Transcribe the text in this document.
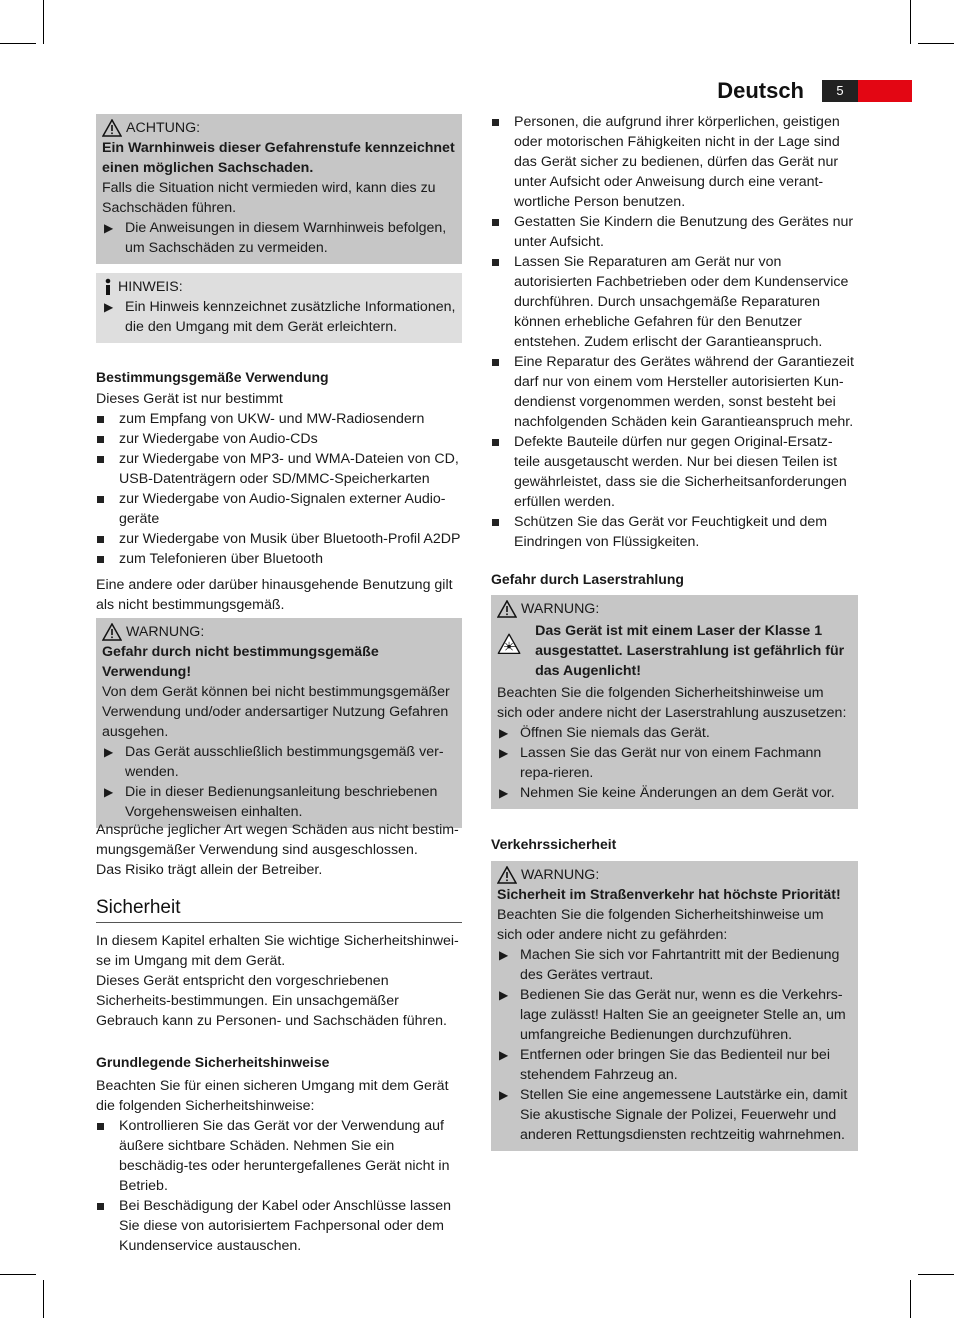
Deutsch	5
ACHTUNG:

Ein Warnhinweis dieser Gefahrenstufe kennzeichnet einen möglichen Sachschaden.

Falls die Situation nicht vermieden wird, kann dies zu Sachschäden führen.

▶ Die Anweisungen in diesem Warnhinweis befolgen, um Sachschäden zu vermeiden.

HINWEIS:

▶ Ein Hinweis kennzeichnet zusätzliche Informationen, die den Umgang mit dem Gerät erleichtern.

Bestimmungsgemäße Verwendung

Dieses Gerät ist nur bestimmt

zum Empfang von UKW- und MW-Radiosendern

zur Wiedergabe von Audio-CDs

zur Wiedergabe von MP3- und WMA-Dateien von CD, USB-Datenträgern oder SD/MMC-Speicherkarten

zur Wiedergabe von Audio-Signalen externer Audio-geräte

zur Wiedergabe von Musik über Bluetooth-Profil A2DP

zum Telefonieren über Bluetooth

Eine andere oder darüber hinausgehende Benutzung gilt als nicht bestimmungsgemäß.

WARNUNG:

Gefahr durch nicht bestimmungsgemäße Verwendung!

Von dem Gerät können bei nicht bestimmungsgemäßer Verwendung und/oder andersartiger Nutzung Gefahren ausgehen.

▶ Das Gerät ausschließlich bestimmungsgemäß ver-wenden.

▶ Die in dieser Bedienungsanleitung beschriebenen Vorgehensweisen einhalten.

Ansprüche jeglicher Art wegen Schäden aus nicht bestim-mungsgemäßer Verwendung sind ausgeschlossen.

Das Risiko trägt allein der Betreiber.

Sicherheit

In diesem Kapitel erhalten Sie wichtige Sicherheitshinwei-se im Umgang mit dem Gerät.

Dieses Gerät entspricht den vorgeschriebenen Sicherheits-bestimmungen. Ein unsachgemäßer Gebrauch kann zu Personen- und Sachschäden führen.

Grundlegende Sicherheitshinweise

Beachten Sie für einen sicheren Umgang mit dem Gerät die folgenden Sicherheitshinweise:

Kontrollieren Sie das Gerät vor der Verwendung auf äußere sichtbare Schäden. Nehmen Sie ein beschädig-tes oder heruntergefallenes Gerät nicht in Betrieb.

Bei Beschädigung der Kabel oder Anschlüsse lassen Sie diese von autorisiertem Fachpersonal oder dem Kundenservice austauschen.

Personen, die aufgrund ihrer körperlichen, geistigen oder motorischen Fähigkeiten nicht in der Lage sind das Gerät sicher zu bedienen, dürfen das Gerät nur unter Aufsicht oder Anweisung durch eine verant-wortliche Person benutzen.

Gestatten Sie Kindern die Benutzung des Gerätes nur unter Aufsicht.

Lassen Sie Reparaturen am Gerät nur von autorisierten Fachbetrieben oder dem Kundenservice durchführen. Durch unsachgemäße Reparaturen können erhebliche Gefahren für den Benutzer entstehen. Zudem erlischt der Garantieanspruch.

Eine Reparatur des Gerätes während der Garantiezeit darf nur von einem vom Hersteller autorisierten Kun-dendienst vorgenommen werden, sonst besteht bei nachfolgenden Schäden kein Garantieanspruch mehr.

Defekte Bauteile dürfen nur gegen Original-Ersatz-teile ausgetauscht werden. Nur bei diesen Teilen ist gewährleistet, dass sie die Sicherheitsanforderungen erfüllen werden.

Schützen Sie das Gerät vor Feuchtigkeit und dem Eindringen von Flüssigkeiten.

Gefahr durch Laserstrahlung

WARNUNG:

Das Gerät ist mit einem Laser der Klasse 1 ausgestattet. Laserstrahlung ist gefährlich für das Augenlicht!

Beachten Sie die folgenden Sicherheitshinweise um sich oder andere nicht der Laserstrahlung auszusetzen:

▶ Öffnen Sie niemals das Gerät.

▶ Lassen Sie das Gerät nur von einem Fachmann repa-rieren.

▶ Nehmen Sie keine Änderungen an dem Gerät vor.

Verkehrssicherheit

WARNUNG:

Sicherheit im Straßenverkehr hat höchste Priorität!

Beachten Sie die folgenden Sicherheitshinweise um sich oder andere nicht zu gefährden:

▶ Machen Sie sich vor Fahrtantritt mit der Bedienung des Gerätes vertraut.

▶ Bedienen Sie das Gerät nur, wenn es die Verkehrs-lage zulässt! Halten Sie an geeigneter Stelle an, um umfangreiche Bedienungen durchzuführen.

▶ Entfernen oder bringen Sie das Bedienteil nur bei stehendem Fahrzeug an.

▶ Stellen Sie eine angemessene Lautstärke ein, damit Sie akustische Signale der Polizei, Feuerwehr und anderen Rettungsdiensten rechtzeitig wahrnehmen.
